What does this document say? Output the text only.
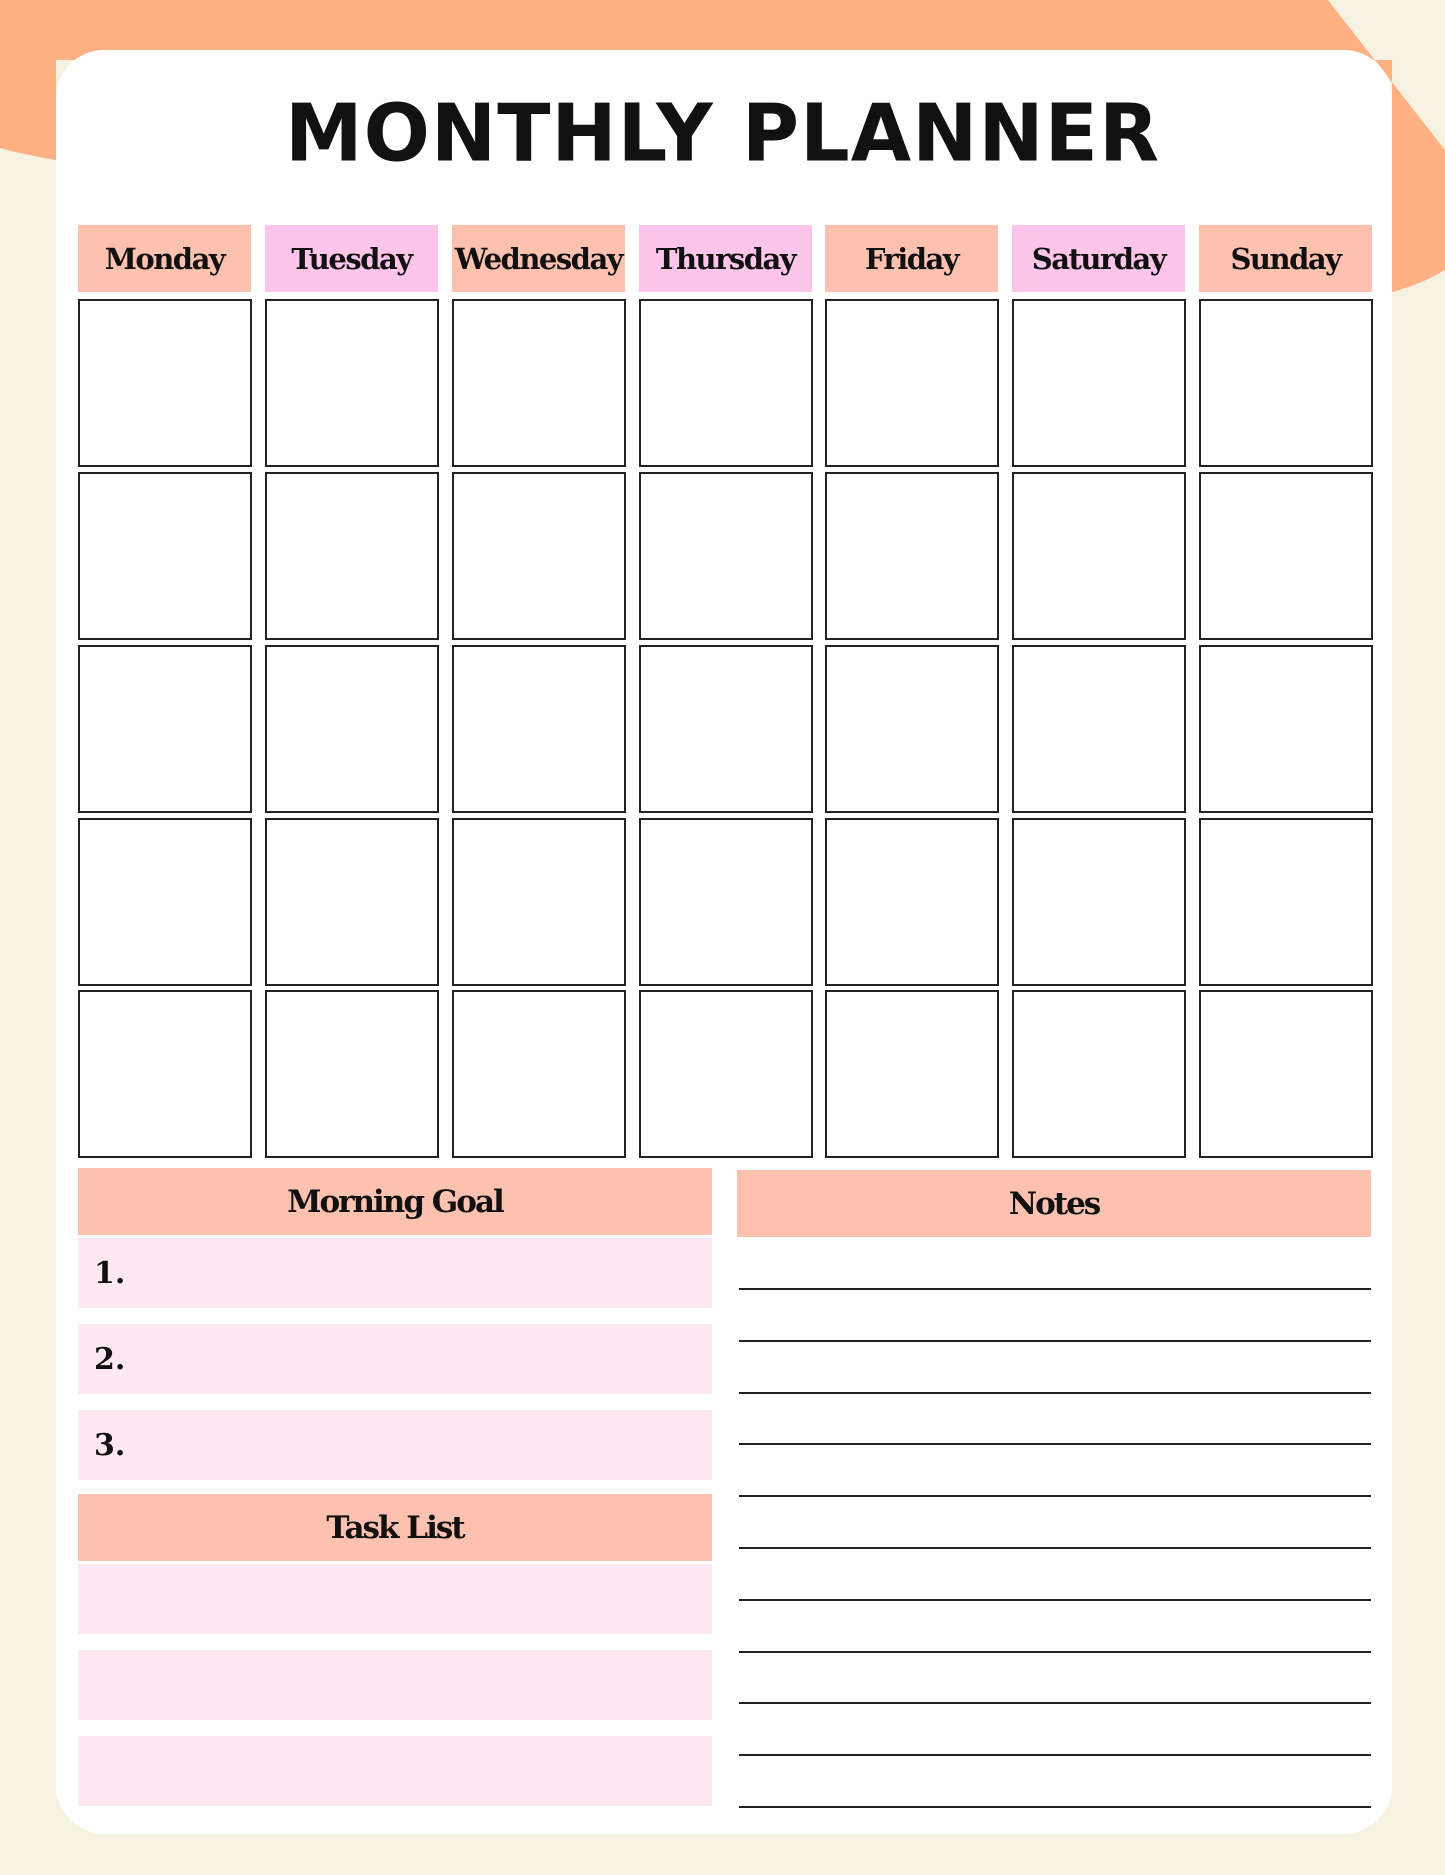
MONTHLY PLANNER
Monday	Tuesday	Wednesday	Thursday	Friday	Saturday	Sunday
Morning Goal
1.
2.
3.
Task List
Notes
